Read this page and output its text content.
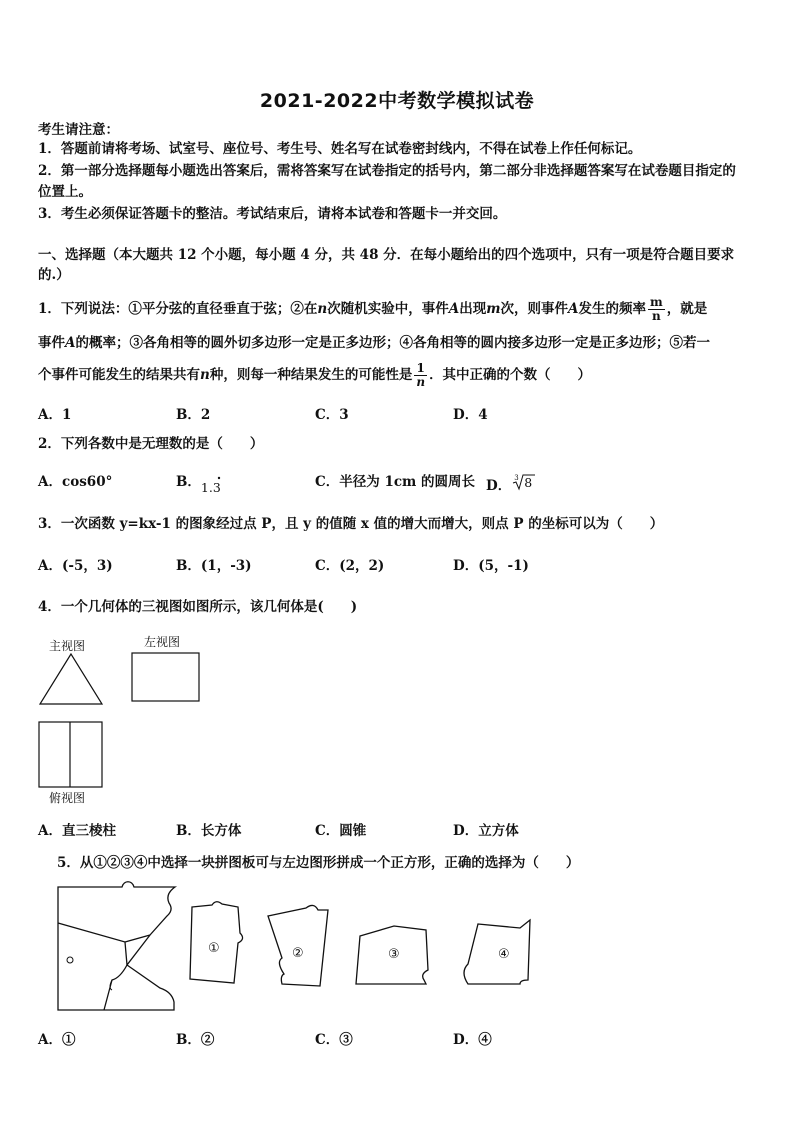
2021-2022中考数学模拟试卷
考生请注意：
1．答题前请将考场、试室号、座位号、考生号、姓名写在试卷密封线内，不得在试卷上作任何标记。
2．第一部分选择题每小题选出答案后，需将答案写在试卷指定的括号内，第二部分非选择题答案写在试卷题目指定的
位置上。
3．考生必须保证答题卡的整洁。考试结束后，请将本试卷和答题卡一并交回。
一、选择题（本大题共 12 个小题，每小题 4 分，共 48 分．在每小题给出的四个选项中，只有一项是符合题目要求
的.）
1．下列说法：①平分弦的直径垂直于弦；②在n次随机实验中，事件A出现m次，则事件A发生的频率 $\frac{m}{n}$ ，就是
事件A的概率；③各角相等的圆外切多边形一定是正多边形；④各角相等的圆内接多边形一定是正多边形；⑤若一
个事件可能发生的结果共有n种，则每一种结果发生的可能性是 $\frac{1}{n}$ ．其中正确的个数（　　）
A．1	B．2	C．3	D．4
2．下列各数中是无理数的是（　　）
A．cos60°	B．1.3	C．半径为 1cm 的圆周长 D． 3 8
3．一次函数 y=kx-1 的图象经过点 P，且 y 的值随 x 值的增大而增大，则点 P 的坐标可以为（　　）
A．(-5，3)	B．(1，-3)	C．(2，2)	D．(5，-1)
4．一个几何体的三视图如图所示，该几何体是(　　)
主视图	左视图
俯视图
A．直三棱柱	B．长方体	C．圆锥	D．立方体
5．从①②③④中选择一块拼图板可与左边图形拼成一个正方形，正确的选择为（　　）
①	②	③	④
A．①	B．②	C．③	D．④
